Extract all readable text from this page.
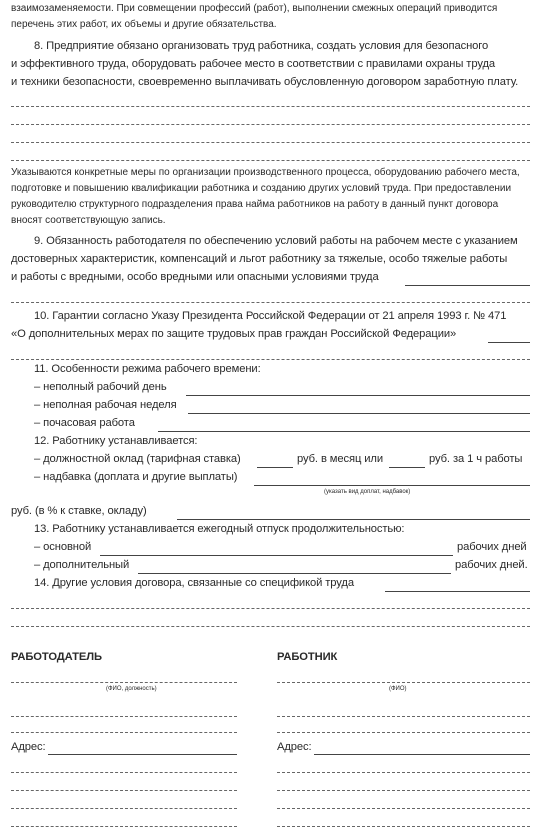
взаимозаменяемости. При совмещении профессий (работ), выполнении смежных операций приводится
перечень этих работ, их объемы и другие обязательства.
8. Предприятие обязано организовать труд работника, создать условия для безопасного
и эффективного труда, оборудовать рабочее место в соответствии с правилами охраны труда
и техники безопасности, своевременно выплачивать обусловленную договором заработную плату.
Указываются конкретные меры по организации производственного процесса, оборудованию рабочего места,
подготовке и повышению квалификации работника и созданию других условий труда. При предоставлении
руководителю структурного подразделения права найма работников на работу в данный пункт договора
вносят соответствующую запись.
9. Обязанность работодателя по обеспечению условий работы на рабочем месте с указанием
достоверных характеристик, компенсаций и льгот работнику за тяжелые, особо тяжелые работы
и работы с вредными, особо вредными или опасными условиями труда
10. Гарантии согласно Указу Президента Российской Федерации от 21 апреля 1993 г. № 471
«О дополнительных мерах по защите трудовых прав граждан Российской Федерации»
11. Особенности режима рабочего времени:
– неполный рабочий день
– неполная рабочая неделя
– почасовая работа
12. Работнику устанавливается:
– должностной оклад (тарифная ставка)	руб. в месяц или	руб. за 1 ч работы
– надбавка (доплата и другие выплаты)
(указать вид доплат, надбавок)
руб. (в % к ставке, окладу)
13. Работнику устанавливается ежегодный отпуск продолжительностью:
– основной	рабочих дней
– дополнительный	рабочих дней.
14. Другие условия договора, связанные со спецификой труда
РАБОТОДАТЕЛЬ	РАБОТНИК
(ФИО, должность)	(ФИО)
Адрес:	Адрес:
